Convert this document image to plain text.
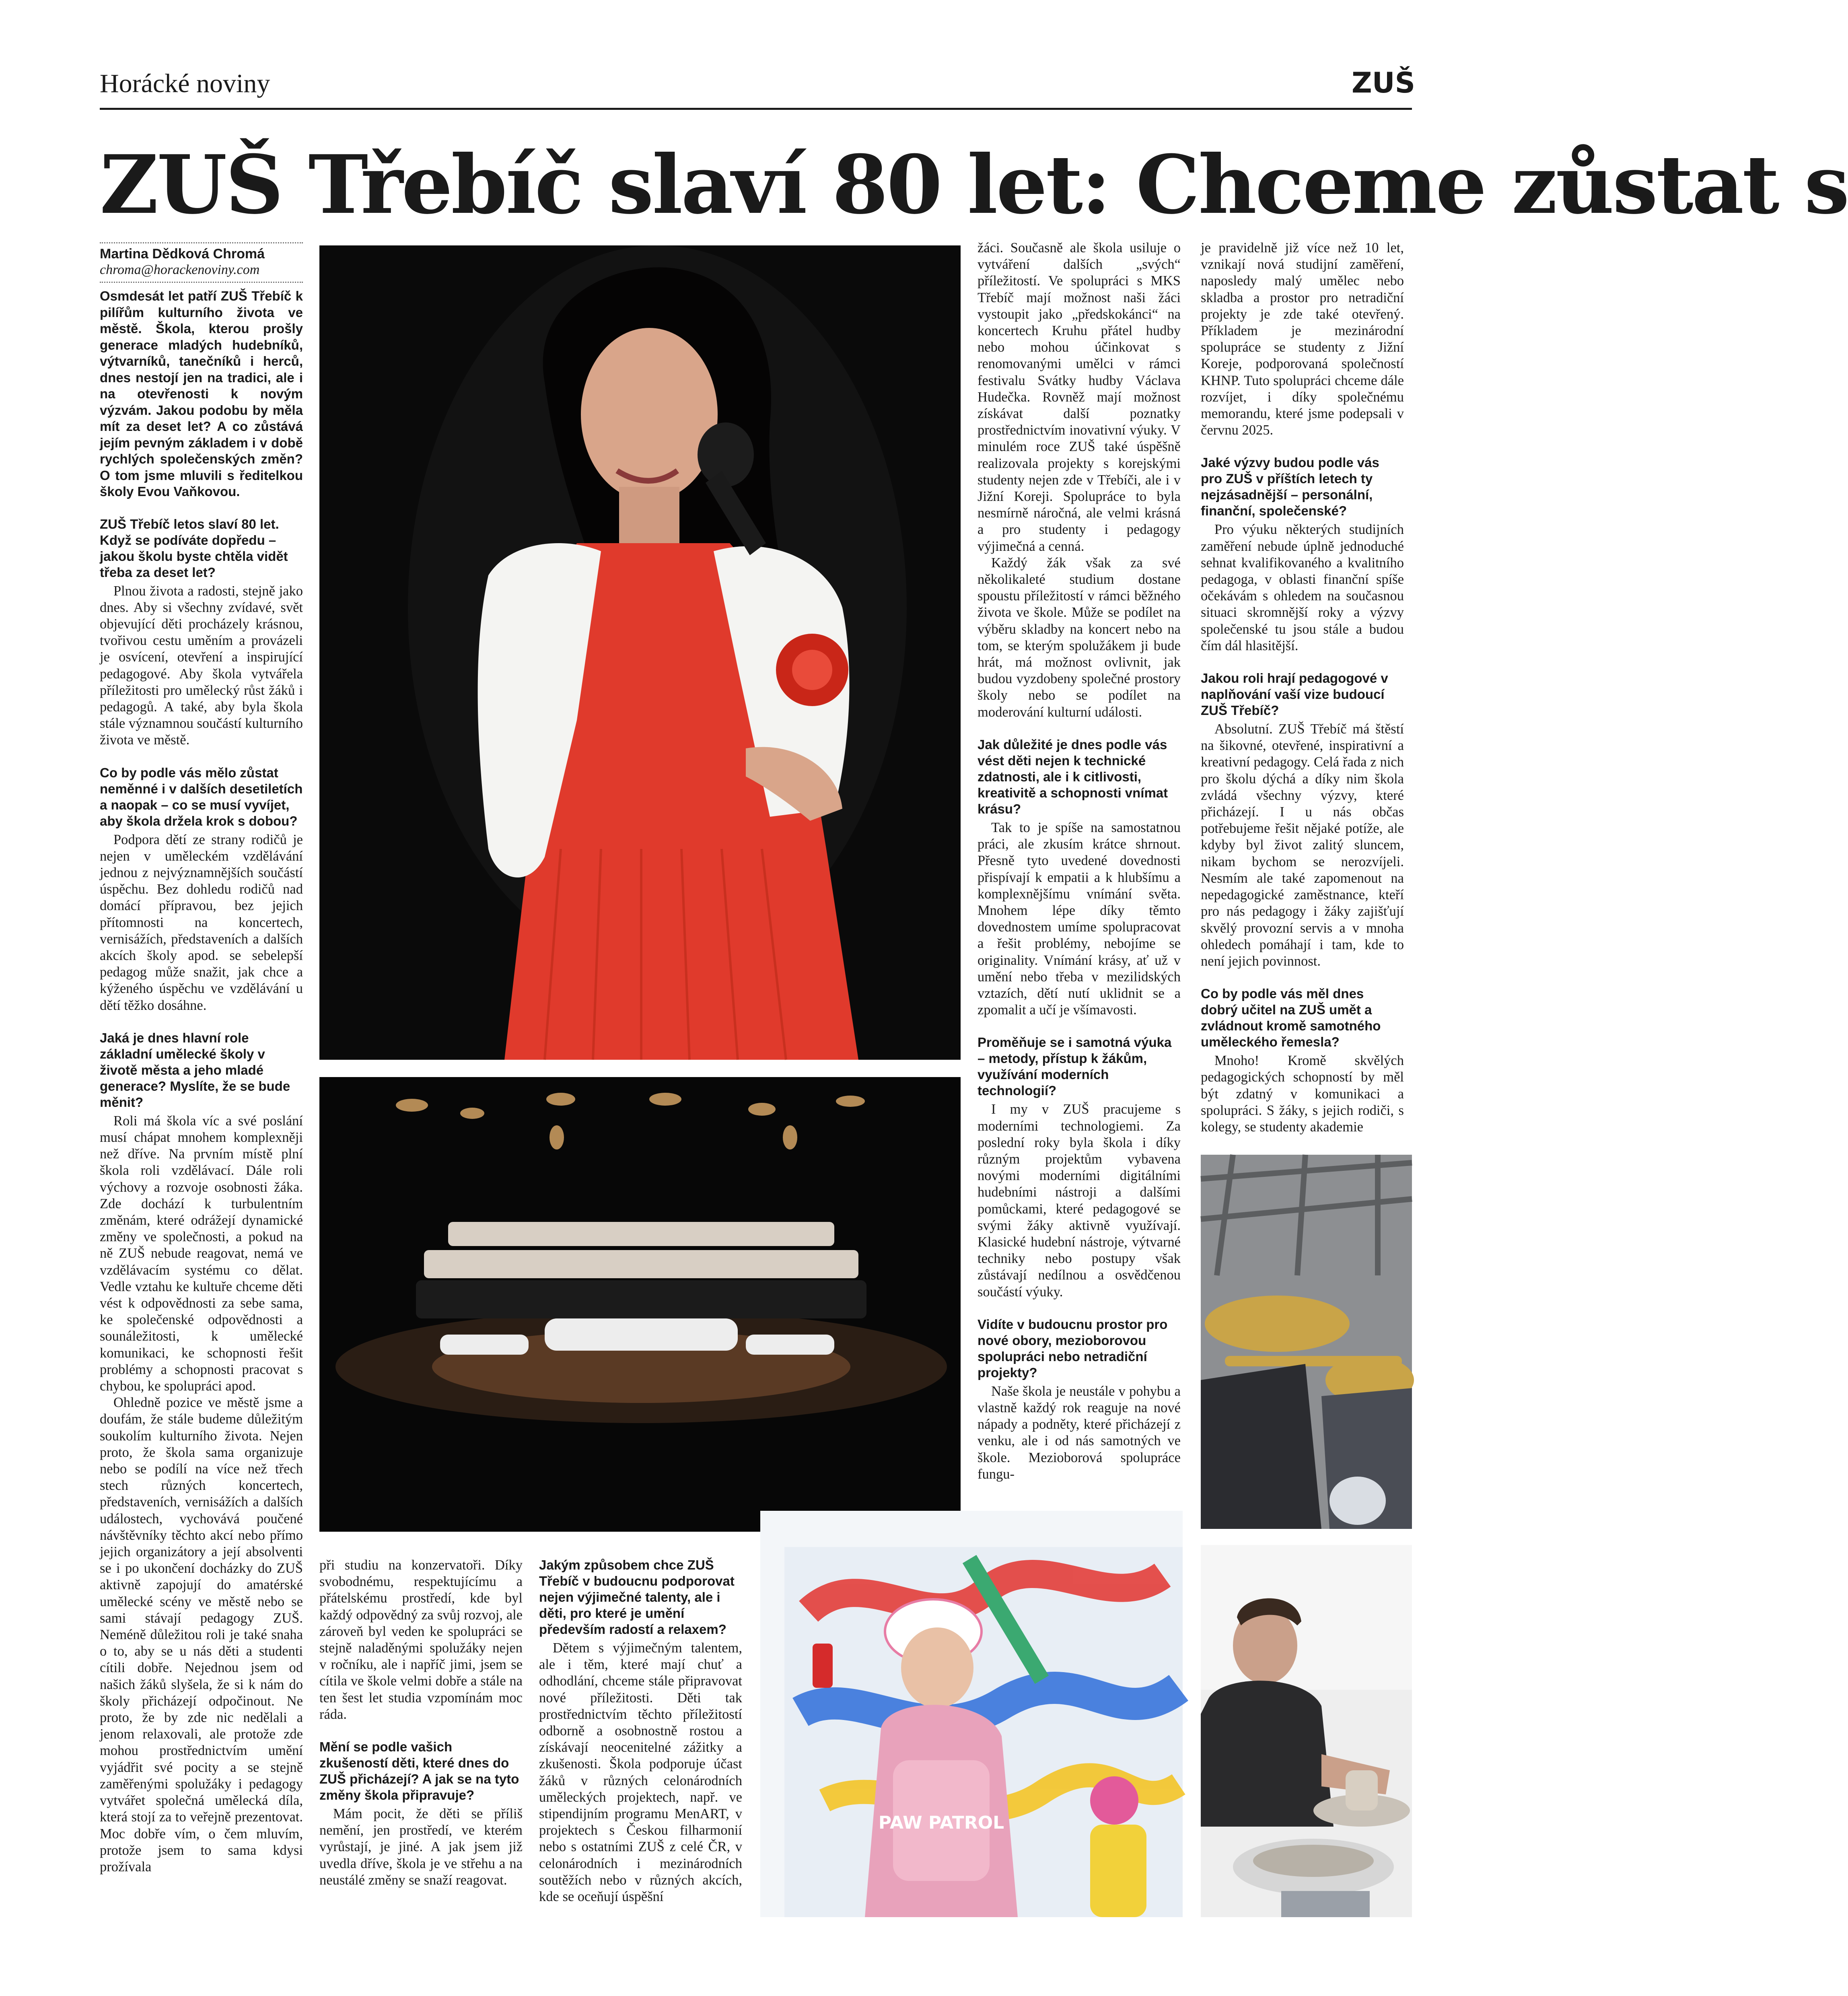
Horácké noviny	ZUŠ
ZUŠ Třebíč slaví 80 let: Chceme zůstat s
Martina Dědková Chromá
chroma@horackenoviny.com

Osmdesát let patří ZUŠ Třebíč k pilířům kulturního života ve městě. Škola, kterou prošly generace mladých hudebníků, výtvarníků, tanečníků i herců, dnes nestojí jen na tradici, ale i na otevřenosti k novým výzvám. Jakou podobu by měla mít za deset let? A co zůstává jejím pevným základem i v době rychlých společenských změn? O tom jsme mluvili s ředitelkou školy Evou Vaňkovou.

ZUŠ Třebíč letos slaví 80 let. Když se podíváte dopředu – jakou školu byste chtěla vidět třeba za deset let?

Plnou života a radosti, stejně jako dnes. Aby si všechny zvídavé, svět objevující děti procházely krásnou, tvořivou cestu uměním a provázeli je osvícení, otevření a inspirující pedagogové. Aby škola vytvářela příležitosti pro umělecký růst žáků i pedagogů. A také, aby byla škola stále významnou součástí kulturního života ve městě.

Co by podle vás mělo zůstat neměnné i v dalších desetiletích a naopak – co se musí vyvíjet, aby škola držela krok s dobou?

Podpora dětí ze strany rodičů je nejen v uměleckém vzdělávání jednou z nejvýznamnějších součástí úspěchu. Bez dohledu rodičů nad domácí přípravou, bez jejich přítomnosti na koncertech, vernisážích, představeních a dalších akcích školy apod. se sebelepší pedagog může snažit, jak chce a kýženého úspěchu ve vzdělávání u dětí těžko dosáhne.

Jaká je dnes hlavní role základní umělecké školy v životě města a jeho mladé generace? Myslíte, že se bude měnit?

Roli má škola víc a své poslání musí chápat mnohem komplexněji než dříve. Na prvním místě plní škola roli vzdělávací. Dále roli výchovy a rozvoje osobnosti žáka. Zde dochází k turbulentním změnám, které odrážejí dynamické změny ve společnosti, a pokud na ně ZUŠ nebude reagovat, nemá ve vzdělávacím systému co dělat. Vedle vztahu ke kultuře chceme děti vést k odpovědnosti za sebe sama, ke společenské odpovědnosti a sounáležitosti, k umělecké komunikaci, ke schopnosti řešit problémy a schopnosti pracovat s chybou, ke spolupráci apod.

Ohledně pozice ve městě jsme a doufám, že stále budeme důležitým soukolím kulturního života. Nejen proto, že škola sama organizuje nebo se podílí na více než třech stech různých koncertech, představeních, vernisážích a dalších událostech, vychovává poučené návštěvníky těchto akcí nebo přímo jejich organizátory a její absolventi se i po ukončení docházky do ZUŠ aktivně zapojují do amatérské umělecké scény ve městě nebo se sami stávají pedagogy ZUŠ. Neméně důležitou roli je také snaha o to, aby se u nás děti a studenti cítili dobře. Nejednou jsem od našich žáků slyšela, že si k nám do školy přicházejí odpočinout. Ne proto, že by zde nic nedělali a jenom relaxovali, ale protože zde mohou prostřednictvím umění vyjádřit své pocity a se stejně zaměřenými spolužáky i pedagogy vytvářet společná umělecká díla, která stojí za to veřejně prezentovat. Moc dobře vím, o čem mluvím, protože jsem to sama kdysi prožívala

při studiu na konzervatoři. Díky svobodnému, respektujícímu a přátelskému prostředí, kde byl každý odpovědný za svůj rozvoj, ale zároveň byl veden ke spolupráci se stejně naladěnými spolužáky nejen v ročníku, ale i napříč jimi, jsem se cítila ve škole velmi dobře a stále na ten šest let studia vzpomínám moc ráda.

Mění se podle vašich zkušeností děti, které dnes do ZUŠ přicházejí? A jak se na tyto změny škola připravuje?

Mám pocit, že děti se příliš nemění, jen prostředí, ve kterém vyrůstají, je jiné. A jak jsem již uvedla dříve, škola je ve střehu a na neustálé změny se snaží reagovat.

Jakým způsobem chce ZUŠ Třebíč v budoucnu podporovat nejen výjimečné talenty, ale i děti, pro které je umění především radostí a relaxem?

Dětem s výjimečným talentem, ale i těm, které mají chuť a odhodlání, chceme stále připravovat nové příležitosti. Děti tak prostřednictvím těchto příležitostí odborně a osobnostně rostou a získávají neocenitelné zážitky a zkušenosti. Škola podporuje účast žáků v různých celonárodních uměleckých projektech, např. ve stipendijním programu MenART, v projektech s Českou filharmonií nebo s ostatními ZUŠ z celé ČR, v celonárodních i mezinárodních soutěžích nebo v různých akcích, kde se oceňují úspěšní

žáci. Současně ale škola usiluje o vytváření dalších „svých“ příležitostí. Ve spolupráci s MKS Třebíč mají možnost naši žáci vystoupit jako „předskokánci“ na koncertech Kruhu přátel hudby nebo mohou účinkovat s renomovanými umělci v rámci festivalu Svátky hudby Václava Hudečka. Rovněž mají možnost získávat další poznatky prostřednictvím inovativní výuky. V minulém roce ZUŠ také úspěšně realizovala projekty s korejskými studenty nejen zde v Třebíči, ale i v Jižní Koreji. Spolupráce to byla nesmírně náročná, ale velmi krásná a pro studenty i pedagogy výjimečná a cenná.

Každý žák však za své několikaleté studium dostane spoustu příležitostí v rámci běžného života ve škole. Může se podílet na výběru skladby na koncert nebo na tom, se kterým spolužákem ji bude hrát, má možnost ovlivnit, jak budou vyzdobeny společné prostory školy nebo se podílet na moderování kulturní události.

Jak důležité je dnes podle vás vést děti nejen k technické zdatnosti, ale i k citlivosti, kreativitě a schopnosti vnímat krásu?

Tak to je spíše na samostatnou práci, ale zkusím krátce shrnout. Přesně tyto uvedené dovednosti přispívají k empatii a k hlubšímu a komplexnějšímu vnímání světa. Mnohem lépe díky těmto dovednostem umíme spolupracovat a řešit problémy, nebojíme se originality. Vnímání krásy, ať už v umění nebo třeba v mezilidských vztazích, dětí nutí uklidnit se a zpomalit a učí je všímavosti.

Proměňuje se i samotná výuka – metody, přístup k žákům, využívání moderních technologií?

I my v ZUŠ pracujeme s moderními technologiemi. Za poslední roky byla škola i díky různým projektům vybavena novými moderními digitálními hudebními nástroji a dalšími pomůckami, které pedagogové se svými žáky aktivně využívají. Klasické hudební nástroje, výtvarné techniky nebo postupy však zůstávají nedílnou a osvědčenou součástí výuky.

Vidíte v budoucnu prostor pro nové obory, mezioborovou spolupráci nebo netradiční projekty?

Naše škola je neustále v pohybu a vlastně každý rok reaguje na nové nápady a podněty, které přicházejí z venku, ale i od nás samotných ve škole. Mezioborová spolupráce fungu-

PAW PATROL

je pravidelně již více než 10 let, vznikají nová studijní zaměření, naposledy malý umělec nebo skladba a prostor pro netradiční projekty je zde také otevřený. Příkladem je mezinárodní spolupráce se studenty z Jižní Koreje, podporovaná společností KHNP. Tuto spolupráci chceme dále rozvíjet, i díky společnému memorandu, které jsme podepsali v červnu 2025.

Jaké výzvy budou podle vás pro ZUŠ v příštích letech ty nejzásadnější – personální, finanční, společenské?

Pro výuku některých studijních zaměření nebude úplně jednoduché sehnat kvalifikovaného a kvalitního pedagoga, v oblasti finanční spíše očekávám s ohledem na současnou situaci skromnější roky a výzvy společenské tu jsou stále a budou čím dál hlasitější.

Jakou roli hrají pedagogové v naplňování vaší vize budoucí ZUŠ Třebíč?

Absolutní. ZUŠ Třebíč má štěstí na šikovné, otevřené, inspirativní a kreativní pedagogy. Celá řada z nich pro školu dýchá a díky nim škola zvládá všechny výzvy, které přicházejí. I u nás občas potřebujeme řešit nějaké potíže, ale kdyby byl život zalitý sluncem, nikam bychom se nerozvíjeli. Nesmím ale také zapomenout na nepedagogické zaměstnance, kteří pro nás pedagogy i žáky zajišťují skvělý provozní servis a v mnoha ohledech pomáhají i tam, kde to není jejich povinnost.

Co by podle vás měl dnes dobrý učitel na ZUŠ umět a zvládnout kromě samotného uměleckého řemesla?

Mnoho! Kromě skvělých pedagogických schopností by měl být zdatný v komunikaci a spolupráci. S žáky, s jejich rodiči, s kolegy, se studenty akademie
